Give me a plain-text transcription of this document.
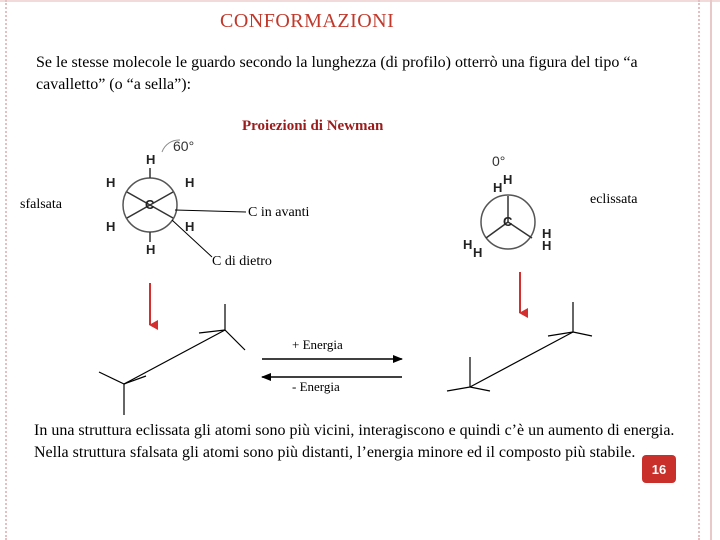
CONFORMAZIONI
Se le stesse molecole le guardo secondo la lunghezza (di profilo) otterrò una figura del tipo “a cavalletto” (o “a sella”):
Proiezioni di Newman
sfalsata	eclissata
C in avanti
C di dietro
60°
H
H	H
C
H	H
H
0°
H
H
C
H
H
H
H
+ Energia
- Energia
In una struttura eclissata gli atomi sono più vicini, interagiscono e quindi c’è un aumento di energia. Nella struttura sfalsata gli atomi sono più distanti, l’energia minore ed il composto più stabile.
16
